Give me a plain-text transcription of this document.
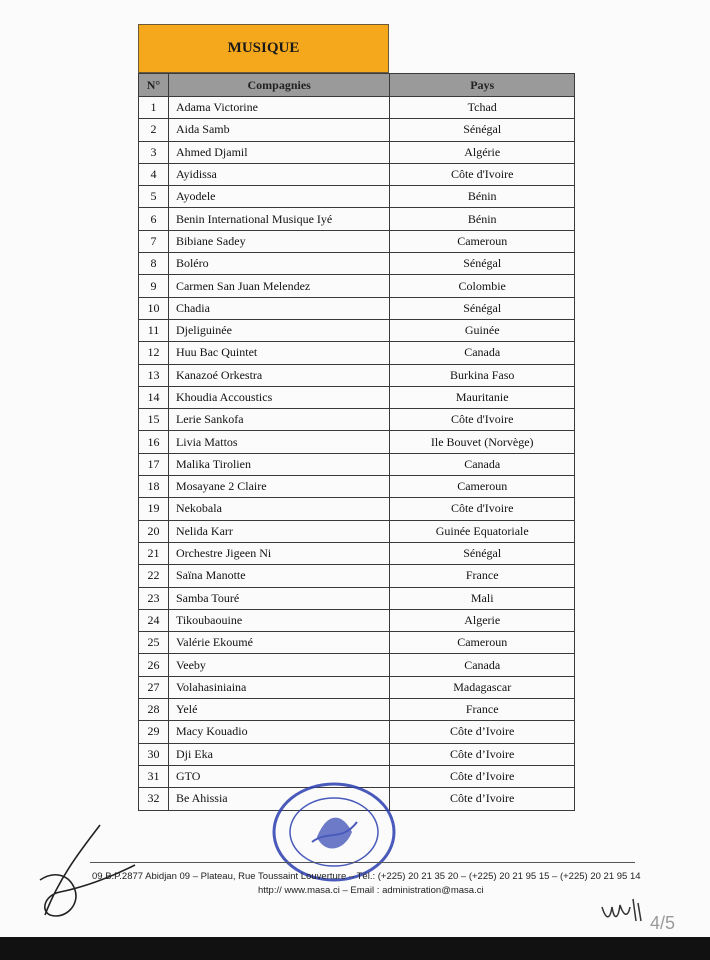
MUSIQUE
N°	Compagnies	Pays
1	Adama Victorine	Tchad
2	Aida Samb	Sénégal
3	Ahmed Djamil	Algérie
4	Ayidissa	Côte d'Ivoire
5	Ayodele	Bénin
6	Benin International Musique Iyé	Bénin
7	Bibiane Sadey	Cameroun
8	Boléro	Sénégal
9	Carmen San Juan Melendez	Colombie
10	Chadia	Sénégal
11	Djeliguinée	Guinée
12	Huu Bac Quintet	Canada
13	Kanazoé Orkestra	Burkina Faso
14	Khoudia Accoustics	Mauritanie
15	Lerie Sankofa	Côte d'Ivoire
16	Livia Mattos	Ile Bouvet (Norvège)
17	Malika Tirolien	Canada
18	Mosayane 2 Claire	Cameroun
19	Nekobala	Côte d'Ivoire
20	Nelida Karr	Guinée Equatoriale
21	Orchestre Jigeen Ni	Sénégal
22	Saïna Manotte	France
23	Samba Touré	Mali
24	Tikoubaouine	Algerie
25	Valérie Ekoumé	Cameroun
26	Veeby	Canada
27	Volahasiniaina	Madagascar
28	Yelé	France
29	Macy Kouadio	Côte d’Ivoire
30	Dji Eka	Côte d’Ivoire
31	GTO	Côte d’Ivoire
32	Be Ahissia	Côte d’Ivoire
09 B.P.2877 Abidjan 09 – Plateau, Rue Toussaint Louverture – Tél.: (+225) 20 21 35 20 – (+225) 20 21 95 15 – (+225) 20 21 95 14
http:// www.masa.ci – Email : administration@masa.ci
4/5
